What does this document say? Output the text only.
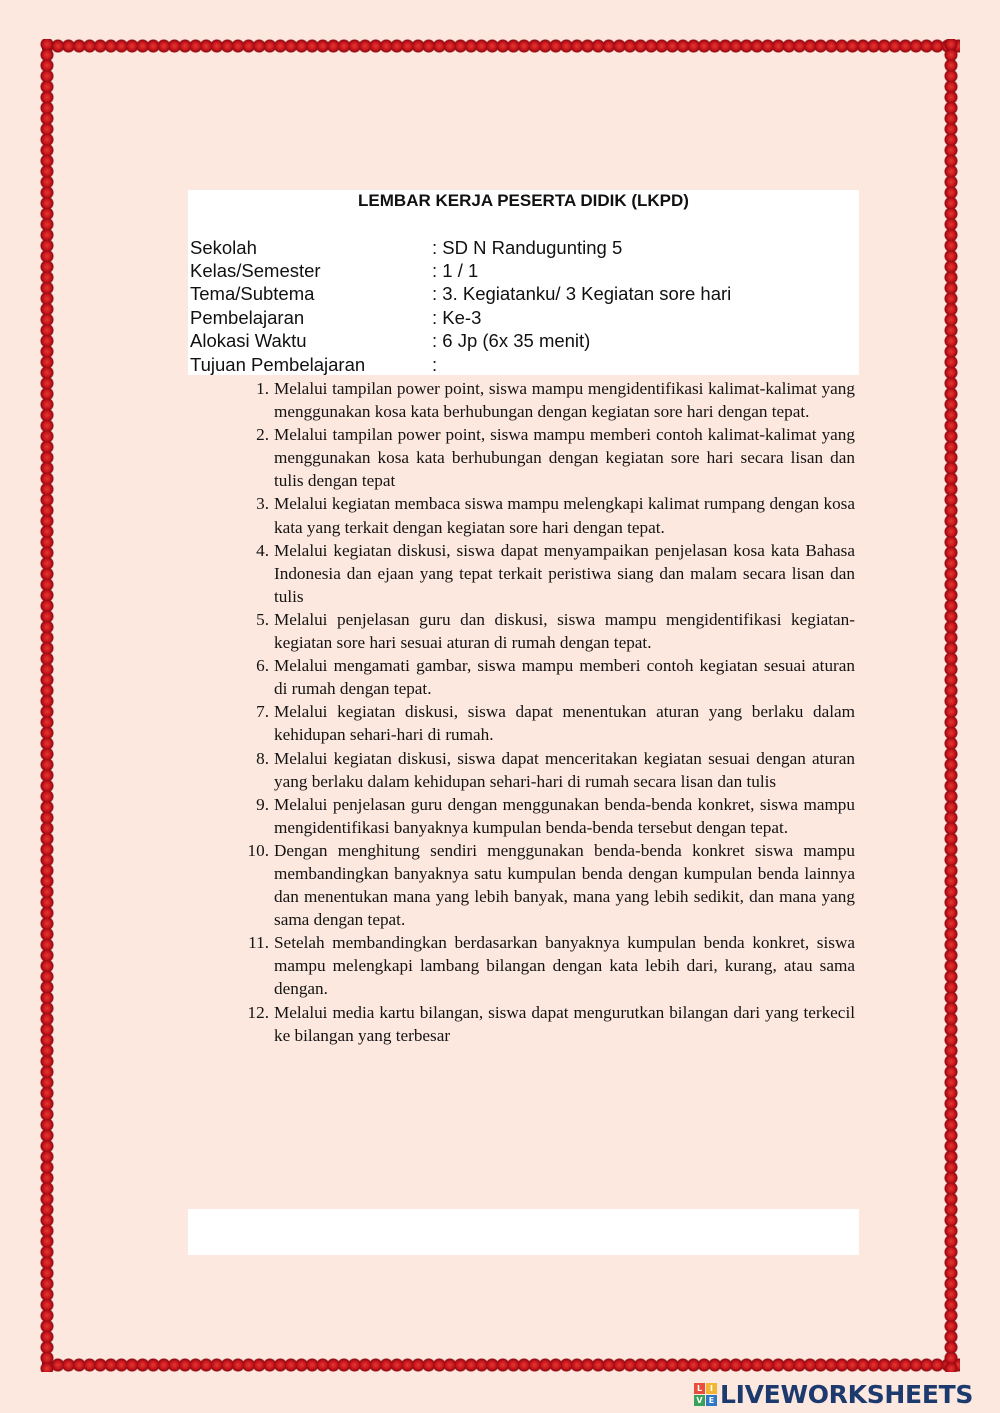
LEMBAR KERJA PESERTA DIDIK (LKPD)
Sekolah	: SD N Randugunting 5
Kelas/Semester	: 1 / 1
Tema/Subtema	: 3. Kegiatanku/ 3 Kegiatan sore hari
Pembelajaran	: Ke-3
Alokasi Waktu	: 6 Jp (6x 35 menit)
Tujuan Pembelajaran	:
1. Melalui tampilan power point, siswa mampu mengidentifikasi kalimat-kalimat yang menggunakan kosa kata berhubungan dengan kegiatan sore hari dengan tepat.
2. Melalui tampilan power point, siswa mampu memberi contoh kalimat-kalimat yang menggunakan kosa kata berhubungan dengan kegiatan sore hari secara lisan dan tulis dengan tepat
3. Melalui kegiatan membaca siswa mampu melengkapi kalimat rumpang dengan kosa kata yang terkait dengan kegiatan sore hari dengan tepat.
4. Melalui kegiatan diskusi, siswa dapat menyampaikan penjelasan kosa kata Bahasa Indonesia dan ejaan yang tepat terkait peristiwa siang dan malam secara lisan dan tulis
5. Melalui penjelasan guru dan diskusi, siswa mampu mengidentifikasi kegiatan-kegiatan sore hari sesuai aturan di rumah dengan tepat.
6. Melalui mengamati gambar, siswa mampu memberi contoh kegiatan sesuai aturan di rumah dengan tepat.
7. Melalui kegiatan diskusi, siswa dapat menentukan aturan yang berlaku dalam kehidupan sehari-hari di rumah.
8. Melalui kegiatan diskusi, siswa dapat menceritakan kegiatan sesuai dengan aturan yang berlaku dalam kehidupan sehari-hari di rumah secara lisan dan tulis
9. Melalui penjelasan guru dengan menggunakan benda-benda konkret, siswa mampu mengidentifikasi banyaknya kumpulan benda-benda tersebut dengan tepat.
10. Dengan menghitung sendiri menggunakan benda-benda konkret siswa mampu membandingkan banyaknya satu kumpulan benda dengan kumpulan benda lainnya dan menentukan mana yang lebih banyak, mana yang lebih sedikit, dan mana yang sama dengan tepat.
11. Setelah membandingkan berdasarkan banyaknya kumpulan benda konkret, siswa mampu melengkapi lambang bilangan dengan kata lebih dari, kurang, atau sama dengan.
12. Melalui media kartu bilangan, siswa dapat mengurutkan bilangan dari yang terkecil ke bilangan yang terbesar
L I
V E LIVEWORKSHEETS
